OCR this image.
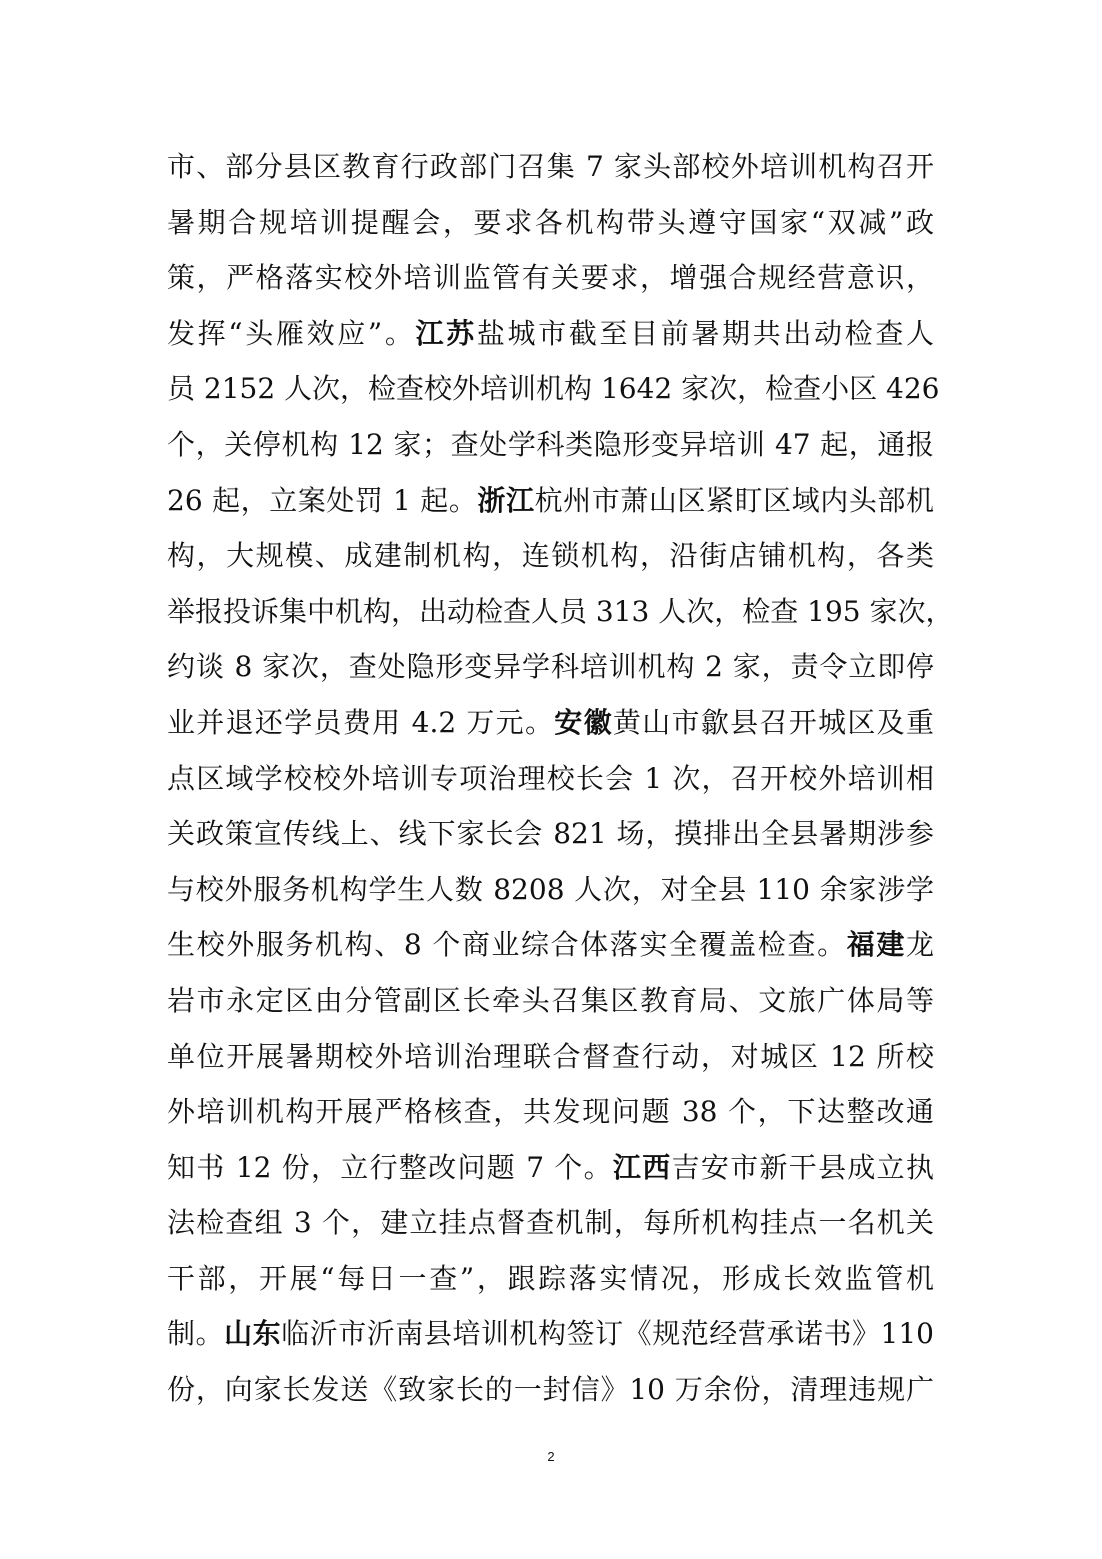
市、部分县区教育行政部门召集 7 家头部校外培训机构召开
暑期合规培训提醒会，要求各机构带头遵守国家“双减”政
策，严格落实校外培训监管有关要求，增强合规经营意识，
发挥“头雁效应”。江苏盐城市截至目前暑期共出动检查人
员 2152 人次，检查校外培训机构 1642 家次，检查小区 426
个，关停机构 12 家；查处学科类隐形变异培训 47 起，通报
26 起，立案处罚 1 起。浙江杭州市萧山区紧盯区域内头部机
构，大规模、成建制机构，连锁机构，沿街店铺机构，各类
举报投诉集中机构，出动检查人员 313 人次，检查 195 家次，
约谈 8 家次，查处隐形变异学科培训机构 2 家，责令立即停
业并退还学员费用 4.2 万元。安徽黄山市歙县召开城区及重
点区域学校校外培训专项治理校长会 1 次，召开校外培训相
关政策宣传线上、线下家长会 821 场，摸排出全县暑期涉参
与校外服务机构学生人数 8208 人次，对全县 110 余家涉学
生校外服务机构、8 个商业综合体落实全覆盖检查。福建龙
岩市永定区由分管副区长牵头召集区教育局、文旅广体局等
单位开展暑期校外培训治理联合督查行动，对城区 12 所校
外培训机构开展严格核查，共发现问题 38 个，下达整改通
知书 12 份，立行整改问题 7 个。江西吉安市新干县成立执
法检查组 3 个，建立挂点督查机制，每所机构挂点一名机关
干部，开展“每日一查”，跟踪落实情况，形成长效监管机
制。山东临沂市沂南县培训机构签订《规范经营承诺书》110
份，向家长发送《致家长的一封信》10 万余份，清理违规广
2
